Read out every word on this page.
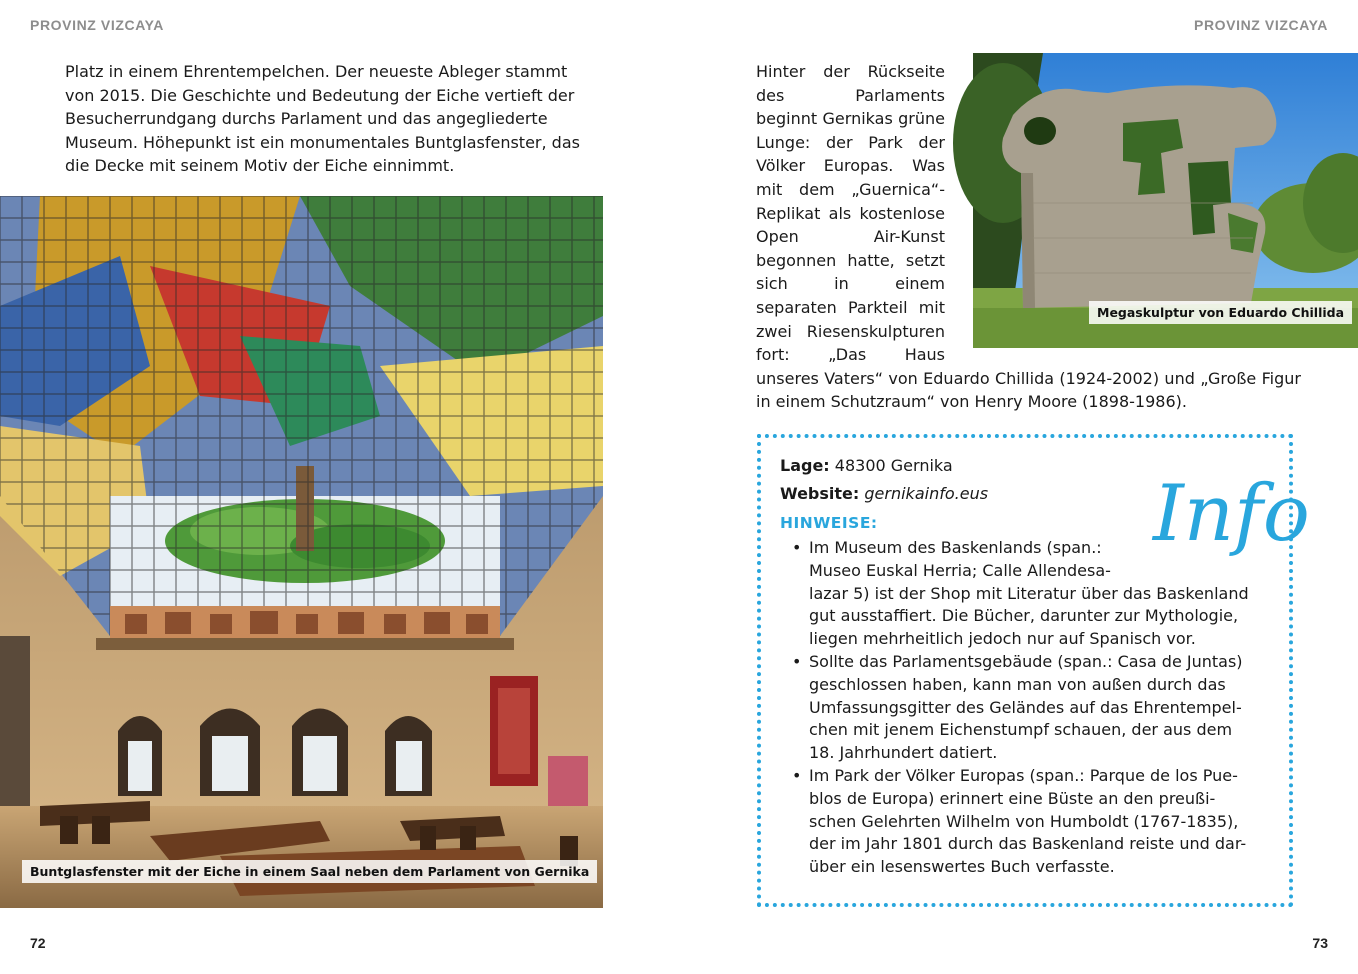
PROVINZ VIZCAYA	PROVINZ VIZCAYA
Platz in einem Ehrentempelchen. Der neueste Ableger stammt
von 2015. Die Geschichte und Bedeutung der Eiche vertieft der
Besucherrundgang durchs Parlament und das angegliederte
Museum. Höhepunkt ist ein monumentales Buntglasfenster, das
die Decke mit seinem Motiv der Eiche einnimmt.
Buntglasfenster mit der Eiche in einem Saal neben dem Parlament von Gernika

Hinter der Rückseite des Parlaments beginnt Gernikas grüne Lunge: der Park der Völker Europas. Was mit dem „Guernica“-Replikat als kostenlose Open Air-Kunst begonnen hatte, setzt sich in einem separaten Parkteil mit zwei Riesenskulpturen fort: „Das Haus unseres Vaters“ von Eduardo Chillida (1924-2002) und „Große Figur in einem Schutzraum“ von Henry Moore (1898-1986).

Megaskulptur von Eduardo Chillida
Info
Lage: 48300 Gernika
Website: gernikainfo.eus
HINWEISE:
• Im Museum des Baskenlands (span.:
Museo Euskal Herria; Calle Allendesa-
lazar 5) ist der Shop mit Literatur über das Baskenland
gut ausstaffiert. Die Bücher, darunter zur Mythologie,
liegen mehrheitlich jedoch nur auf Spanisch vor.
• Sollte das Parlamentsgebäude (span.: Casa de Juntas)
geschlossen haben, kann man von außen durch das
Umfassungsgitter des Geländes auf das Ehrentempel-
chen mit jenem Eichenstumpf schauen, der aus dem
18. Jahrhundert datiert.
• Im Park der Völker Europas (span.: Parque de los Pue-
blos de Europa) erinnert eine Büste an den preußi-
schen Gelehrten Wilhelm von Humboldt (1767-1835),
der im Jahr 1801 durch das Baskenland reiste und dar-
über ein lesenswertes Buch verfasste.
72	73
